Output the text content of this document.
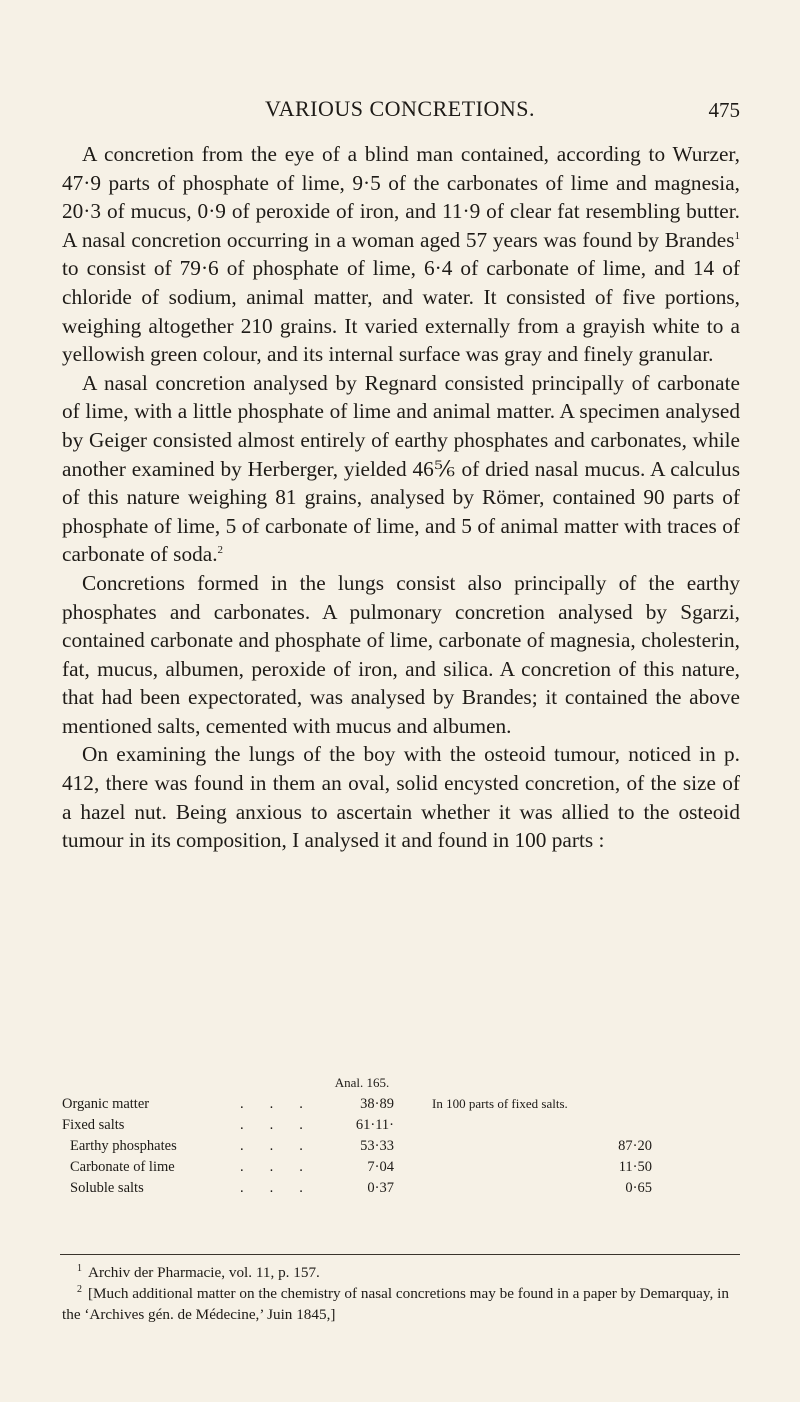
VARIOUS CONCRETIONS.	475

A concretion from the eye of a blind man contained, according to Wurzer, 47·9 parts of phosphate of lime, 9·5 of the carbonates of lime and magnesia, 20·3 of mucus, 0·9 of peroxide of iron, and 11·9 of clear fat resembling butter. A nasal concretion occurring in a woman aged 57 years was found by Brandes$^1$ to consist of 79·6 of phosphate of lime, 6·4 of carbonate of lime, and 14 of chloride of sodium, animal matter, and water. It consisted of five portions, weighing altogether 210 grains. It varied externally from a grayish white to a yellowish green colour, and its internal surface was gray and finely granular.

A nasal concretion analysed by Regnard consisted principally of carbonate of lime, with a little phosphate of lime and animal matter. A specimen analysed by Geiger consisted almost entirely of earthy phosphates and carbonates, while another examined by Herberger, yielded 46⅚ of dried nasal mucus. A calculus of this nature weighing 81 grains, analysed by Römer, contained 90 parts of phosphate of lime, 5 of carbonate of lime, and 5 of animal matter with traces of carbonate of soda.$^2$

Concretions formed in the lungs consist also principally of the earthy phosphates and carbonates. A pulmonary concretion analysed by Sgarzi, contained carbonate and phosphate of lime, carbonate of magnesia, cholesterin, fat, mucus, albumen, peroxide of iron, and silica. A concretion of this nature, that had been expectorated, was analysed by Brandes; it contained the above mentioned salts, cemented with mucus and albumen.

On examining the lungs of the boy with the osteoid tumour, noticed in p. 412, there was found in them an oval, solid encysted concretion, of the size of a hazel nut. Being anxious to ascertain whether it was allied to the osteoid tumour in its composition, I analysed it and found in 100 parts :

Anal. 165.
Organic matter	...	38·89	In 100 parts of fixed salts.
Fixed salts	...	61·11·
Earthy phosphates	...	53·33	87·20
Carbonate of lime	...	7·04	11·50
Soluble salts	...	0·37	0·65

1 Archiv der Pharmacie, vol. 11, p. 157.

2 [Much additional matter on the chemistry of nasal concretions may be found in a paper by Demarquay, in the ‘Archives gén. de Médecine,’ Juin 1845,]
